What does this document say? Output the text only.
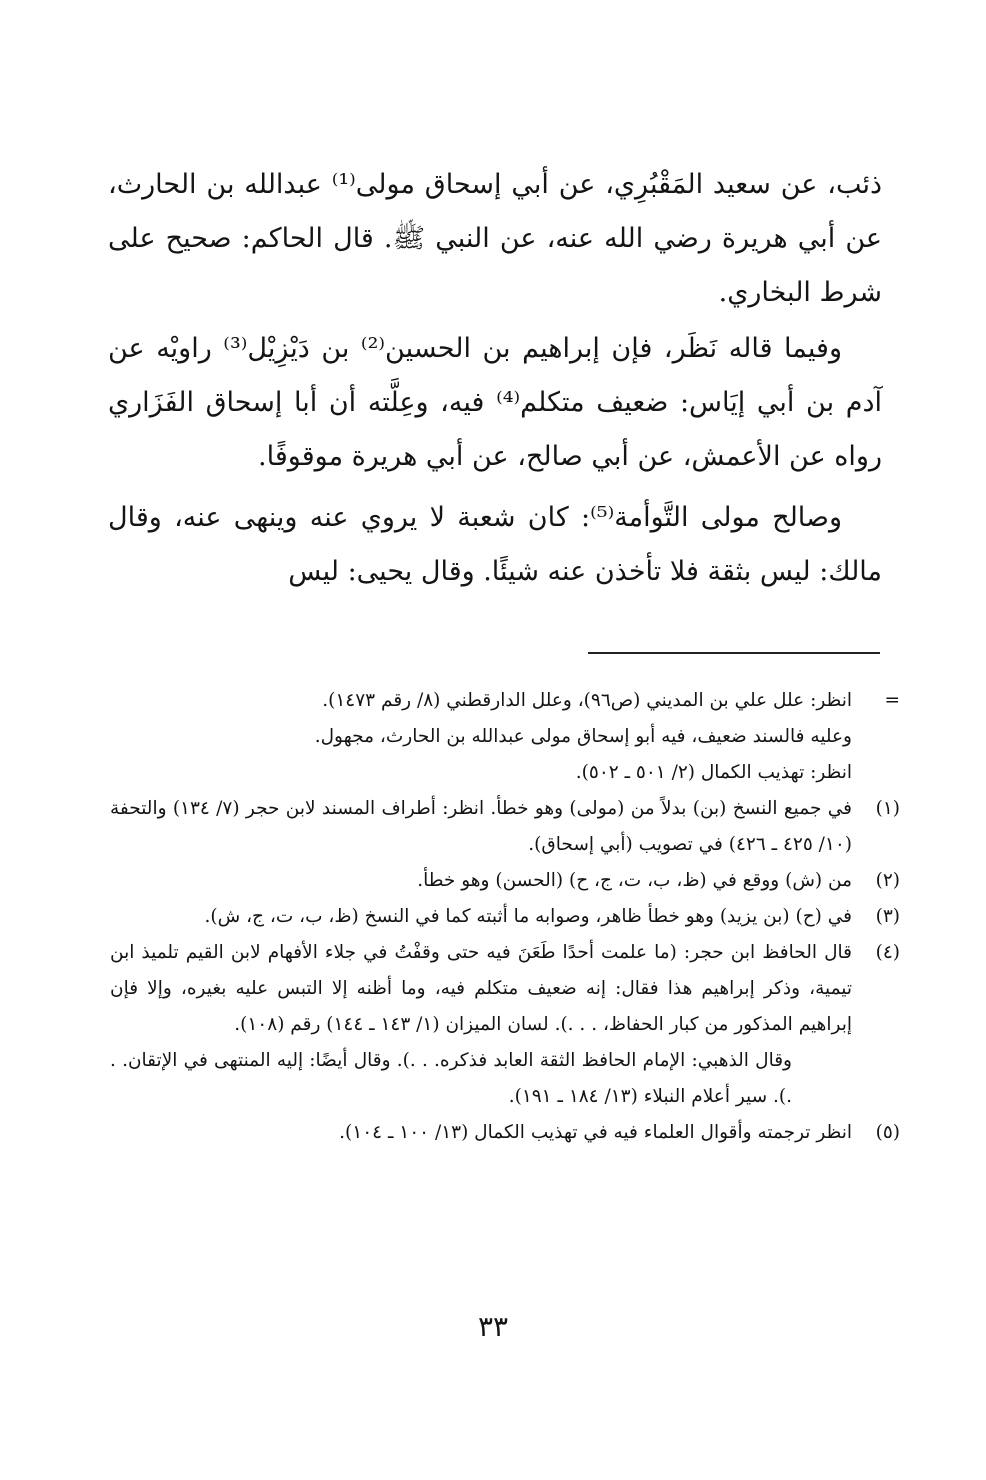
ذئب، عن سعيد المَقْبُرِي، عن أبي إسحاق مولى⁽¹⁾ عبدالله بن الحارث، عن أبي هريرة رضي الله عنه، عن النبي ﷺ. قال الحاكم: صحيح على شرط البخاري.

وفيما قاله نَظَر، فإن إبراهيم بن الحسين⁽²⁾ بن دَيْزِيْل⁽³⁾ راويْه عن آدم بن أبي إيَاس: ضعيف متكلم⁽⁴⁾ فيه، وعِلَّته أن أبا إسحاق الفَزَاري رواه عن الأعمش، عن أبي صالح، عن أبي هريرة موقوفًا.

وصالح مولى التَّوأمة⁽⁵⁾: كان شعبة لا يروي عنه وينهى عنه، وقال مالك: ليس بثقة فلا تأخذن عنه شيئًا. وقال يحيى: ليس

=
انظر: علل علي بن المديني (ص٩٦)، وعلل الدارقطني (٨/ رقم ١٤٧٣).
وعليه فالسند ضعيف، فيه أبو إسحاق مولى عبدالله بن الحارث، مجهول.
انظر: تهذيب الكمال (٢/ ٥٠١ ـ ٥٠٢).
(١)
في جميع النسخ (بن) بدلاً من (مولى) وهو خطأ. انظر: أطراف المسند لابن حجر (٧/ ١٣٤) والتحفة (١٠/ ٤٢٥ ـ ٤٢٦) في تصويب (أبي إسحاق).
(٢)
من (ش) ووقع في (ظ، ب، ت، ج، ح) (الحسن) وهو خطأ.
(٣)
في (ح) (بن يزيد) وهو خطأ ظاهر، وصوابه ما أثبته كما في النسخ (ظ، ب، ت، ج، ش).
(٤)
قال الحافظ ابن حجر: (ما علمت أحدًا طَعَنَ فيه حتى وقفْتُ في جلاء الأفهام لابن القيم تلميذ ابن تيمية، وذكر إبراهيم هذا فقال: إنه ضعيف متكلم فيه، وما أظنه إلا التبس عليه بغيره، وإلا فإن إبراهيم المذكور من كبار الحفاظ، . . .). لسان الميزان (١/ ١٤٣ ـ ١٤٤) رقم (١٠٨).
وقال الذهبي: الإمام الحافظ الثقة العابد فذكره. . .). وقال أيضًا: إليه المنتهى في الإتقان. . .). سير أعلام النبلاء (١٣/ ١٨٤ ـ ١٩١).
(٥)
انظر ترجمته وأقوال العلماء فيه في تهذيب الكمال (١٣/ ١٠٠ ـ ١٠٤).
٣٣
